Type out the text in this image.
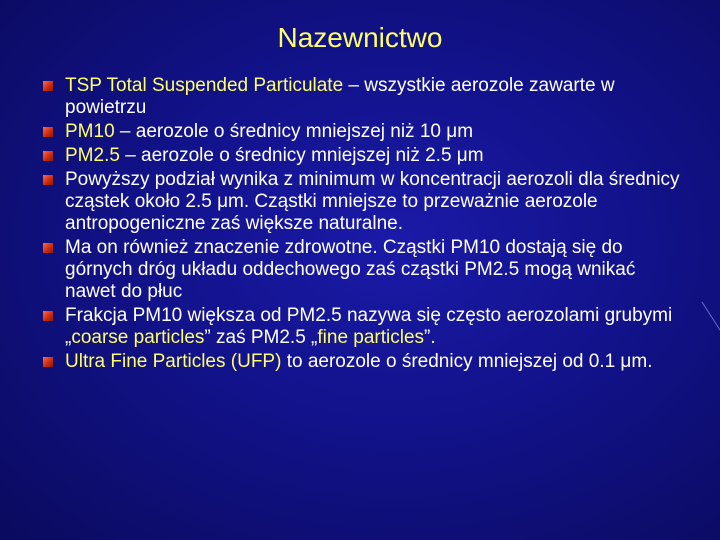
Nazewnictwo
TSP Total Suspended Particulate – wszystkie aerozole zawarte w powietrzu
PM10 – aerozole o średnicy mniejszej niż 10 μm
PM2.5 – aerozole o średnicy mniejszej niż 2.5 μm
Powyższy podział wynika z minimum w koncentracji aerozoli dla średnicy cząstek około 2.5 μm. Cząstki mniejsze to przeważnie aerozole antropogeniczne zaś większe naturalne.
Ma on również znaczenie zdrowotne. Cząstki PM10 dostają się do górnych dróg układu oddechowego zaś cząstki PM2.5 mogą wnikać nawet do płuc
Frakcja PM10 większa od PM2.5 nazywa się często aerozolami grubymi „coarse particles” zaś PM2.5 „fine particles”.
Ultra Fine Particles (UFP) to aerozole o średnicy mniejszej od 0.1 μm.
